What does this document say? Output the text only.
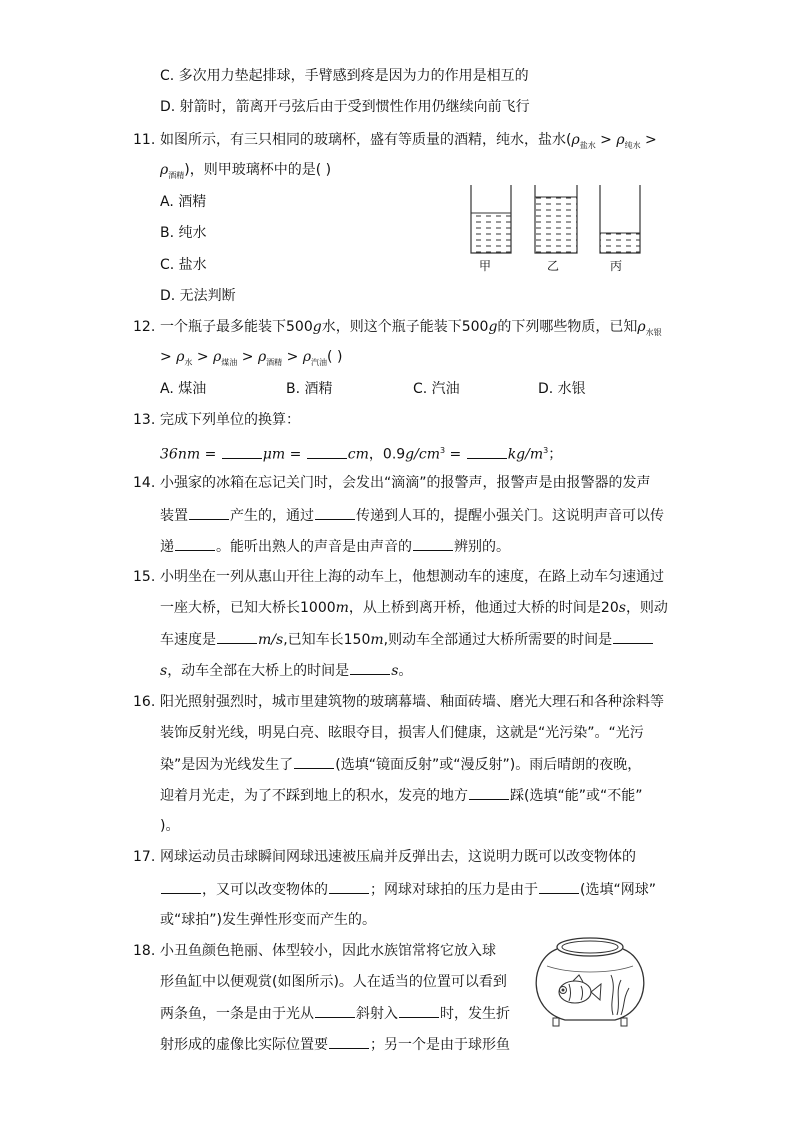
C. 多次用力垫起排球，手臂感到疼是因为力的作用是相互的
D. 射箭时，箭离开弓弦后由于受到惯性作用仍继续向前飞行
11. 如图所示，有三只相同的玻璃杯，盛有等质量的酒精，纯水，盐水($\rho_{盐水} > \rho_{纯水}$ >
$\rho_{酒精}$)，则甲玻璃杯中的是( )
A. 酒精
B. 纯水
C. 盐水
D. 无法判断
甲	乙	丙
12. 一个瓶子最多能装下500g水，则这个瓶子能装下500g的下列哪些物质，已知$\rho_{水银}$
> $\rho_水 > \rho_{煤油} > \rho_{酒精} > \rho_{汽油}$( )
A. 煤油	B. 酒精	C. 汽油	D. 水银
13. 完成下列单位的换算：
36nm =	μm =	cm，$0.9g/cm^3$ =	$kg/m^3$；
14. 小强家的冰箱在忘记关门时，会发出“滴滴”的报警声，报警声是由报警器的发声
装置	产生的，通过	传递到人耳的，提醒小强关门。这说明声音可以传
递	。能听出熟人的声音是由声音的	辨别的。
15. 小明坐在一列从惠山开往上海的动车上，他想测动车的速度，在路上动车匀速通过
一座大桥，已知大桥长1000m，从上桥到离开桥，他通过大桥的时间是20s，则动
车速度是	m/s,已知车长150m,则动车全部通过大桥所需要的时间是
s，动车全部在大桥上的时间是	s。
16. 阳光照射强烈时，城市里建筑物的玻璃幕墙、釉面砖墙、磨光大理石和各种涂料等
装饰反射光线，明晃白亮、眩眼夺目，损害人们健康，这就是“光污染”。“光污
染”是因为光线发生了	(选填“镜面反射”或“漫反射”)。雨后晴朗的夜晚，
迎着月光走，为了不踩到地上的积水，发亮的地方	踩(选填“能”或“不能”
)。
17. 网球运动员击球瞬间网球迅速被压扁并反弹出去，这说明力既可以改变物体的
，又可以改变物体的	；网球对球拍的压力是由于	(选填“网球”
或“球拍”)发生弹性形变而产生的。
18. 小丑鱼颜色艳丽、体型较小，因此水族馆常将它放入球
形鱼缸中以便观赏(如图所示)。人在适当的位置可以看到
两条鱼，一条是由于光从	斜射入	时，发生折
射形成的虚像比实际位置要	；另一个是由于球形鱼
